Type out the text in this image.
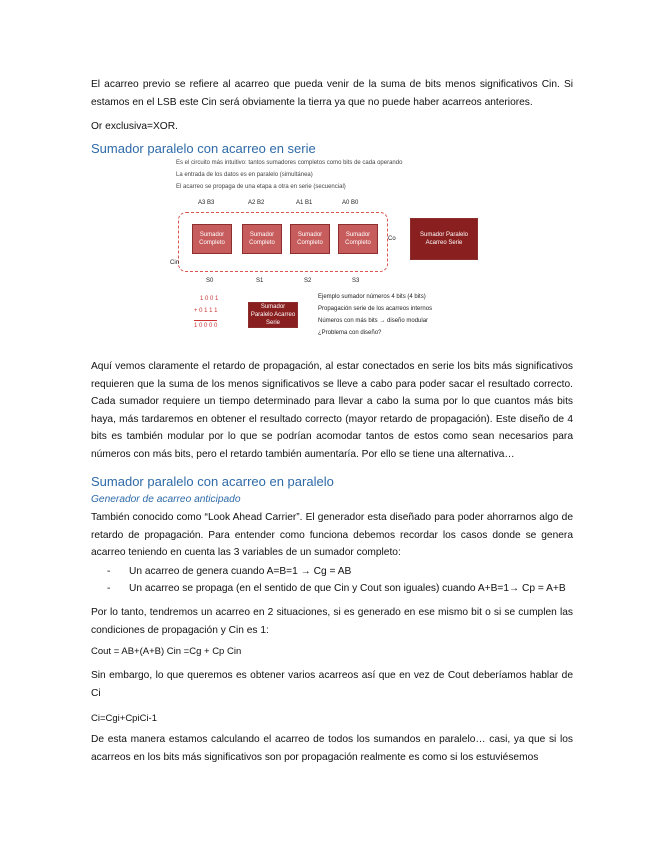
El acarreo previo se refiere al acarreo que pueda venir de la suma de bits menos significativos Cin. Si estamos en el LSB este Cin será obviamente la tierra ya que no puede haber acarreos anteriores.

Or exclusiva=XOR.

Sumador paralelo con acarreo en serie

Es el circuito más intuitivo: tantos sumadores completos como bits de cada operando
La entrada de los datos es en paralelo (simultánea)
El acarreo se propaga de una etapa a otra en serie (secuencial)
A3 B3	A2 B2	A1 B1	A0 B0
Sumador Completo
Sumador Completo
Sumador Completo
Sumador Completo
Cin
Co
S0	S1	S2	S3
Sumador Paralelo Acarreo Serie
1 0 0 1
+ 0 1 1 1
1 0 0 0 0
Sumador Paralelo Acarreo Serie
Ejemplo sumador números 4 bits (4 bits)
Propagación serie de los acarreos internos
Números con más bits → diseño modular
¿Problema con diseño?

Aquí vemos claramente el retardo de propagación, al estar conectados en serie los bits más significativos requieren que la suma de los menos significativos se lleve a cabo para poder sacar el resultado correcto. Cada sumador requiere un tiempo determinado para llevar a cabo la suma por lo que cuantos más bits haya, más tardaremos en obtener el resultado correcto (mayor retardo de propagación). Este diseño de 4 bits es también modular por lo que se podrían acomodar tantos de estos como sean necesarios para números con más bits, pero el retardo también aumentaría. Por ello se tiene una alternativa…

Sumador paralelo con acarreo en paralelo

Generador de acarreo anticipado

También conocido como “Look Ahead Carrier”. El generador esta diseñado para poder ahorrarnos algo de retardo de propagación. Para entender como funciona debemos recordar los casos donde se genera acarreo teniendo en cuenta las 3 variables de un sumador completo:

- Un acarreo de genera cuando A=B=1 → Cg = AB

- Un acarreo se propaga (en el sentido de que Cin y Cout son iguales) cuando A+B=1→ Cp = A+B

Por lo tanto, tendremos un acarreo en 2 situaciones, si es generado en ese mismo bit o si se cumplen las condiciones de propagación y Cin es 1:

Cout = AB+(A+B) Cin =Cg + Cp Cin

Sin embargo, lo que queremos es obtener varios acarreos así que en vez de Cout deberíamos hablar de Ci

Ci=Cgi+CpiCi-1

De esta manera estamos calculando el acarreo de todos los sumandos en paralelo… casi, ya que si los acarreos en los bits más significativos son por propagación realmente es como si los estuviésemos
